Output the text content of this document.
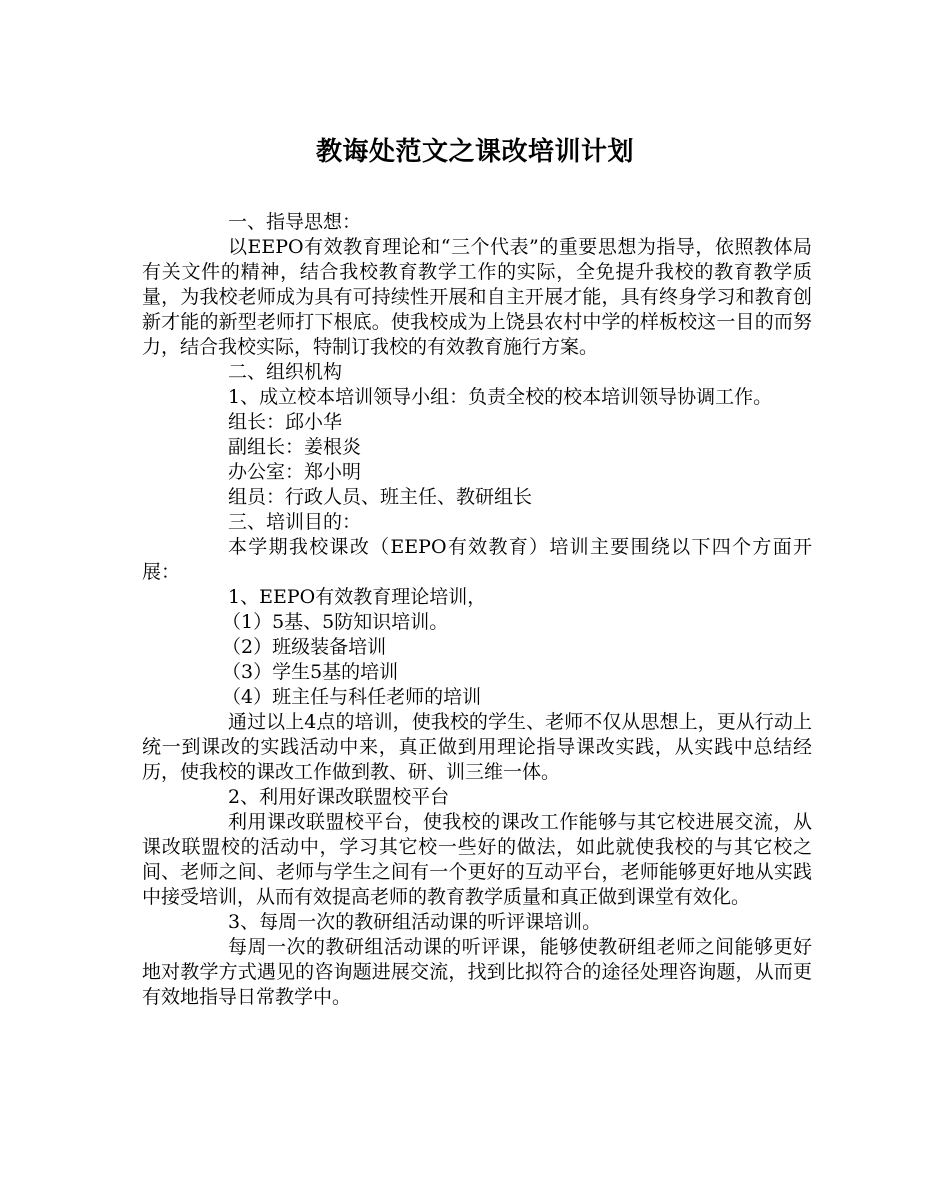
教诲处范文之课改培训计划

一、指导思想：

以EEPO有效教育理论和“三个代表”的重要思想为指导，依照教体局有关文件的精神，结合我校教育教学工作的实际，全免提升我校的教育教学质量，为我校老师成为具有可持续性开展和自主开展才能，具有终身学习和教育创新才能的新型老师打下根底。使我校成为上饶县农村中学的样板校这一目的而努力，结合我校实际，特制订我校的有效教育施行方案。

二、组织机构

1、成立校本培训领导小组：负责全校的校本培训领导协调工作。

组长：邱小华

副组长：姜根炎

办公室：郑小明

组员：行政人员、班主任、教研组长

三、培训目的：

本学期我校课改（EEPO有效教育）培训主要围绕以下四个方面开展：

1、EEPO有效教育理论培训，

（1）5基、5防知识培训。

（2）班级装备培训

（3）学生5基的培训

（4）班主任与科任老师的培训

通过以上4点的培训，使我校的学生、老师不仅从思想上，更从行动上统一到课改的实践活动中来，真正做到用理论指导课改实践，从实践中总结经历，使我校的课改工作做到教、研、训三维一体。

2、利用好课改联盟校平台

利用课改联盟校平台，使我校的课改工作能够与其它校进展交流，从课改联盟校的活动中，学习其它校一些好的做法，如此就使我校的与其它校之间、老师之间、老师与学生之间有一个更好的互动平台，老师能够更好地从实践中接受培训，从而有效提高老师的教育教学质量和真正做到课堂有效化。

3、每周一次的教研组活动课的听评课培训。

每周一次的教研组活动课的听评课，能够使教研组老师之间能够更好地对教学方式遇见的咨询题进展交流，找到比拟符合的途径处理咨询题，从而更有效地指导日常教学中。
